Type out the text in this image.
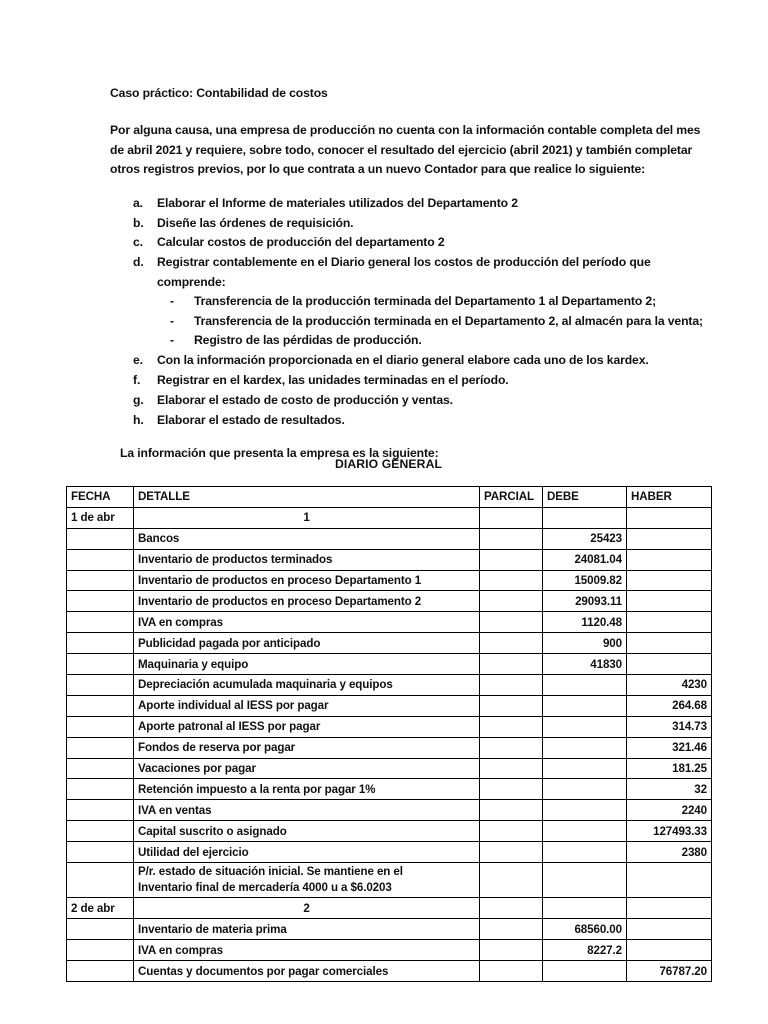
Caso práctico: Contabilidad de costos

Por alguna causa, una empresa de producción no cuenta con la información contable completa del mes de abril 2021 y requiere, sobre todo, conocer el resultado del ejercicio (abril 2021) y también completar otros registros previos, por lo que contrata a un nuevo Contador para que realice lo siguiente:

a. Elaborar el Informe de materiales utilizados del Departamento 2
b. Diseñe las órdenes de requisición.
c. Calcular costos de producción del departamento 2
d. Registrar contablemente en el Diario general los costos de producción del período que comprende:
- Transferencia de la producción terminada del Departamento 1 al Departamento 2;
- Transferencia de la producción terminada en el Departamento 2, al almacén para la venta;
- Registro de las pérdidas de producción.
e. Con la información proporcionada en el diario general elabore cada uno de los kardex.
f. Registrar en el kardex, las unidades terminadas en el período.
g. Elaborar el estado de costo de producción y ventas.
h. Elaborar el estado de resultados.

La información que presenta la empresa es la siguiente:

DIARIO GENERAL
FECHA	DETALLE	PARCIAL	DEBE	HABER
1 de abr	1			
	Bancos		25423	
	Inventario de productos terminados		24081.04	
	Inventario de productos en proceso Departamento 1		15009.82	
	Inventario de productos en proceso Departamento 2		29093.11	
	IVA en compras		1120.48	
	Publicidad pagada por anticipado		900	
	Maquinaria y equipo		41830	
	Depreciación acumulada maquinaria y equipos			4230
	Aporte individual al IESS por pagar			264.68
	Aporte patronal al IESS por pagar			314.73
	Fondos de reserva por pagar			321.46
	Vacaciones por pagar			181.25
	Retención impuesto a la renta por pagar 1%			32
	IVA en ventas			2240
	Capital suscrito o asignado			127493.33
	Utilidad del ejercicio			2380

	P/r. estado de situación inicial. Se mantiene en el
Inventario final de mercadería 4000 u a $6.0203			

2 de abr	2			
	Inventario de materia prima		68560.00	
	IVA en compras		8227.2	
	Cuentas y documentos por pagar comerciales			76787.20
